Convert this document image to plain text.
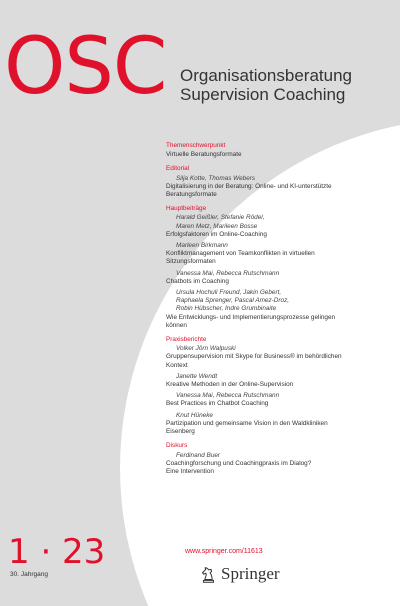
OSC Organisationsberatung
Supervision Coaching
Themenschwerpunkt
Virtuelle Beratungsformate
Editorial
Silja Kotte, Thomas Webers
Digitalisierung in der Beratung: Online- und KI-unterstützte
Beratungsformate
Hauptbeiträge
Harald Geißler, Stefanie Rödel,
Maren Metz, Marileen Bosse
Erfolgsfaktoren im Online-Coaching
Marleen Birkmann
Konfliktmanagement von Teamkonflikten in virtuellen
Sitzungsformaten
Vanessa Mai, Rebecca Rutschmann
Chatbots im Coaching
Ursula Hochuli Freund, Jakin Gebert,
Raphaela Sprenger, Pascal Amez-Droz,
Robin Hübscher, Indre Grumbinaite
Wie Entwicklungs- und Implementierungsprozesse gelingen
können
Praxisberichte
Volker Jörn Walpuski
Gruppensupervision mit Skype for Business® im behördlichen
Kontext
Janette Wendt
Kreative Methoden in der Online-Supervision
Vanessa Mai, Rebecca Rutschmann
Best Practices im Chatbot Coaching
Knut Hüneke
Partizipation und gemeinsame Vision in den Waldkliniken
Eisenberg
Diskurs
Ferdinand Buer
Coachingforschung und Coachingpraxis im Dialog?
Eine Intervention
1 · 23
30. Jahrgang
www.springer.com/11613
Springer
